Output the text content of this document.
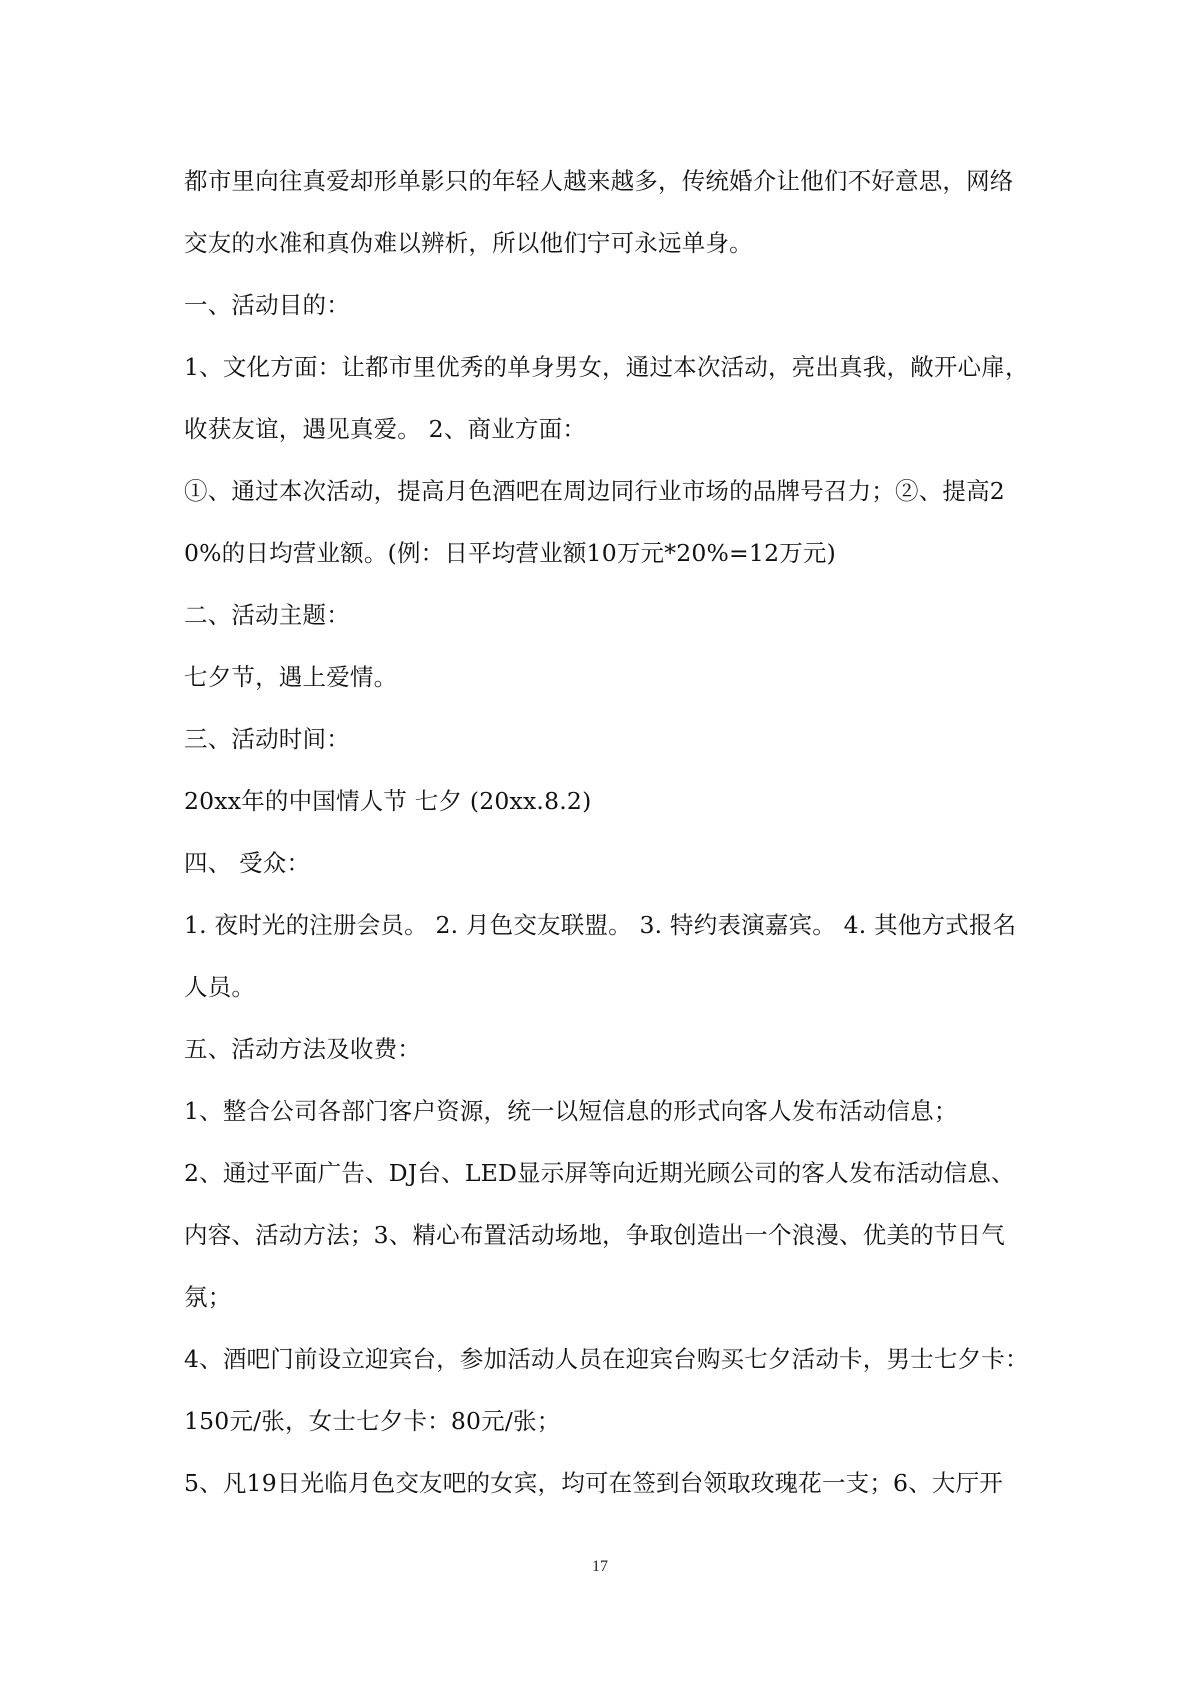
都市里向往真爱却形单影只的年轻人越来越多，传统婚介让他们不好意思，网络交友的水准和真伪难以辨析，所以他们宁可永远单身。

一、活动目的：

1、文化方面：让都市里优秀的单身男女，通过本次活动，亮出真我，敞开心扉，收获友谊，遇见真爱。 2、商业方面：

①、通过本次活动，提高月色酒吧在周边同行业市场的品牌号召力；②、提高20%的日均营业额。(例：日平均营业额10万元*20%=12万元)

二、活动主题：

七夕节，遇上爱情。

三、活动时间：

20xx年的中国情人节 七夕 (20xx.8.2)

四、 受众：

1. 夜时光的注册会员。 2. 月色交友联盟。 3. 特约表演嘉宾。 4. 其他方式报名人员。

五、活动方法及收费：

1、整合公司各部门客户资源，统一以短信息的形式向客人发布活动信息；

2、通过平面广告、DJ台、LED显示屏等向近期光顾公司的客人发布活动信息、内容、活动方法；3、精心布置活动场地，争取创造出一个浪漫、优美的节日气氛；

4、酒吧门前设立迎宾台，参加活动人员在迎宾台购买七夕活动卡，男士七夕卡：150元/张，女士七夕卡：80元/张；

5、凡19日光临月色交友吧的女宾，均可在签到台领取玫瑰花一支；6、大厅开

17
